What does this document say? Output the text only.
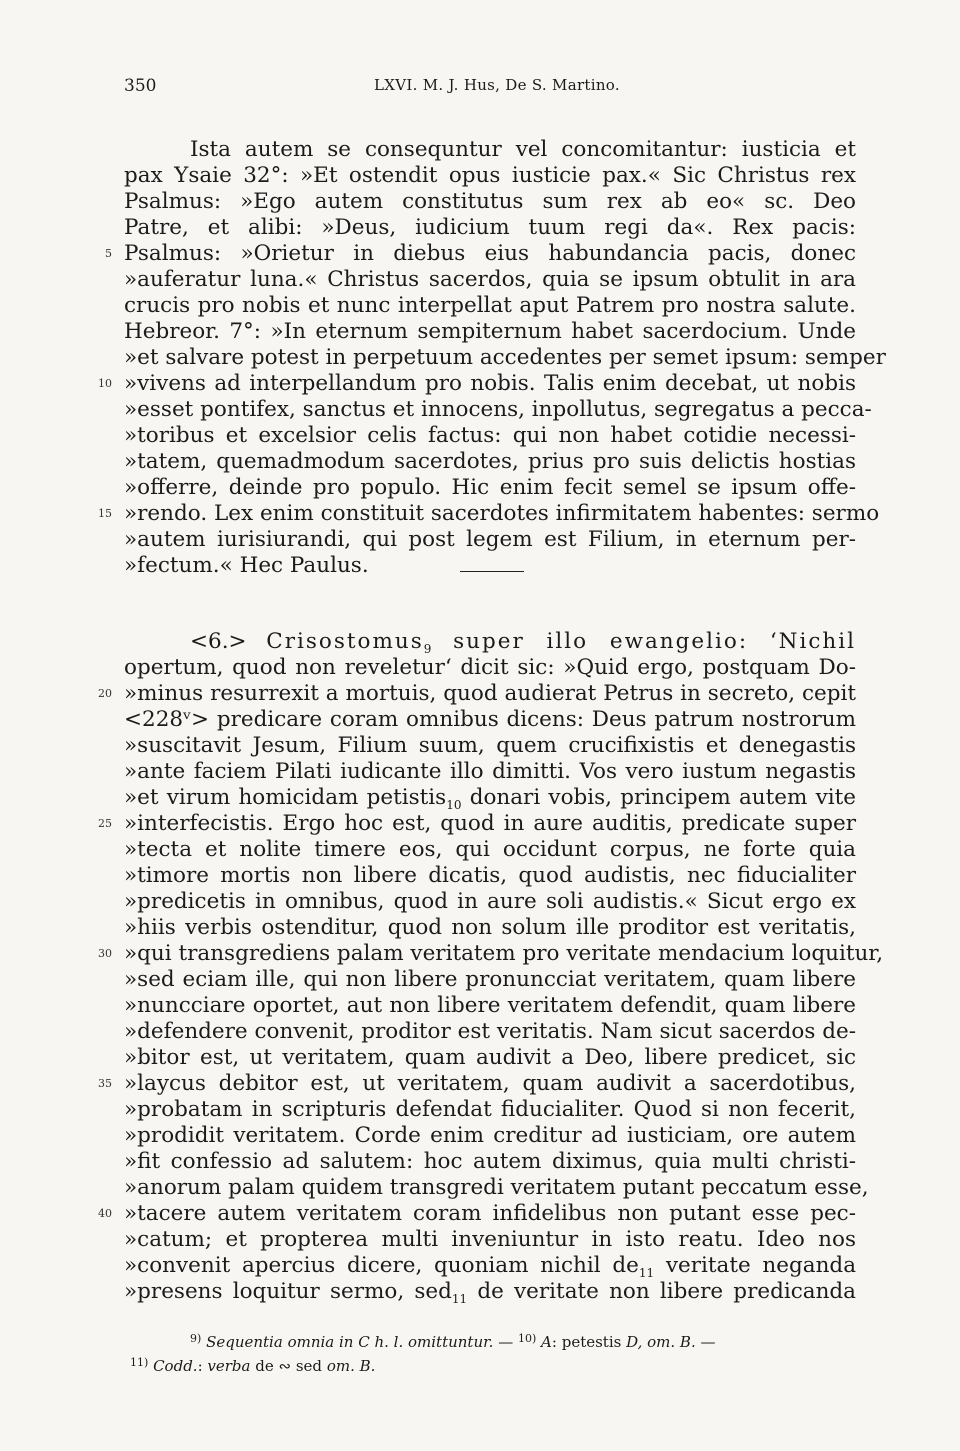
350	LXVI. M. J. Hus, De S. Martino.
Ista autem se consequntur vel concomitantur: iusticia et
pax Ysaie 32°: »Et ostendit opus iusticie pax.« Sic Christus rex
Psalmus: »Ego autem constitutus sum rex ab eo« sc. Deo
Patre, et alibi: »Deus, iudicium tuum regi da«. Rex pacis:
5 Psalmus: »Orietur in diebus eius habundancia pacis, donec
»auferatur luna.« Christus sacerdos, quia se ipsum obtulit in ara
crucis pro nobis et nunc interpellat aput Patrem pro nostra salute.
Hebreor. 7°: »In eternum sempiternum habet sacerdocium. Unde
»et salvare potest in perpetuum accedentes per semet ipsum: semper
10 »vivens ad interpellandum pro nobis. Talis enim decebat, ut nobis
»esset pontifex, sanctus et innocens, inpollutus, segregatus a pecca-
»toribus et excelsior celis factus: qui non habet cotidie necessi-
»tatem, quemadmodum sacerdotes, prius pro suis delictis hostias
»offerre, deinde pro populo. Hic enim fecit semel se ipsum offe-
15 »rendo. Lex enim constituit sacerdotes infirmitatem habentes: sermo
»autem iurisiurandi, qui post legem est Filium, in eternum per-
»fectum.« Hec Paulus.
<6.> Crisostomus$_9$ super illo ewangelio: ‘Nichil
opertum, quod non reveletur‘ dicit sic: »Quid ergo, postquam Do-
20 »minus resurrexit a mortuis, quod audierat Petrus in secreto, cepit
<228ᵛ> predicare coram omnibus dicens: Deus patrum nostrorum
»suscitavit Jesum, Filium suum, quem crucifixistis et denegastis
»ante faciem Pilati iudicante illo dimitti. Vos vero iustum negastis
»et virum homicidam petistis$_{10}$ donari vobis, principem autem vite
25 »interfecistis. Ergo hoc est, quod in aure auditis, predicate super
»tecta et nolite timere eos, qui occidunt corpus, ne forte quia
»timore mortis non libere dicatis, quod audistis, nec fiducialiter
»predicetis in omnibus, quod in aure soli audistis.« Sicut ergo ex
»hiis verbis ostenditur, quod non solum ille proditor est veritatis,
30 »qui transgrediens palam veritatem pro veritate mendacium loquitur,
»sed eciam ille, qui non libere pronuncciat veritatem, quam libere
»nuncciare oportet, aut non libere veritatem defendit, quam libere
»defendere convenit, proditor est veritatis. Nam sicut sacerdos de-
»bitor est, ut veritatem, quam audivit a Deo, libere predicet, sic
35 »laycus debitor est, ut veritatem, quam audivit a sacerdotibus,
»probatam in scripturis defendat fiducialiter. Quod si non fecerit,
»prodidit veritatem. Corde enim creditur ad iusticiam, ore autem
»fit confessio ad salutem: hoc autem diximus, quia multi christi-
»anorum palam quidem transgredi veritatem putant peccatum esse,
40 »tacere autem veritatem coram infidelibus non putant esse pec-
»catum; et propterea multi inveniuntur in isto reatu. Ideo nos
»convenit apercius dicere, quoniam nichil $de_{11}$ veritate neganda
»presens loquitur sermo, sed$_{11}$ de veritate non libere predicanda
$^{9)}$ Sequentia omnia in C h. l. omittuntur. — $^{10)}$ A: petestis D, om. B. —
$^{11)}$ Codd.: verba de ∾ sed om. B.
